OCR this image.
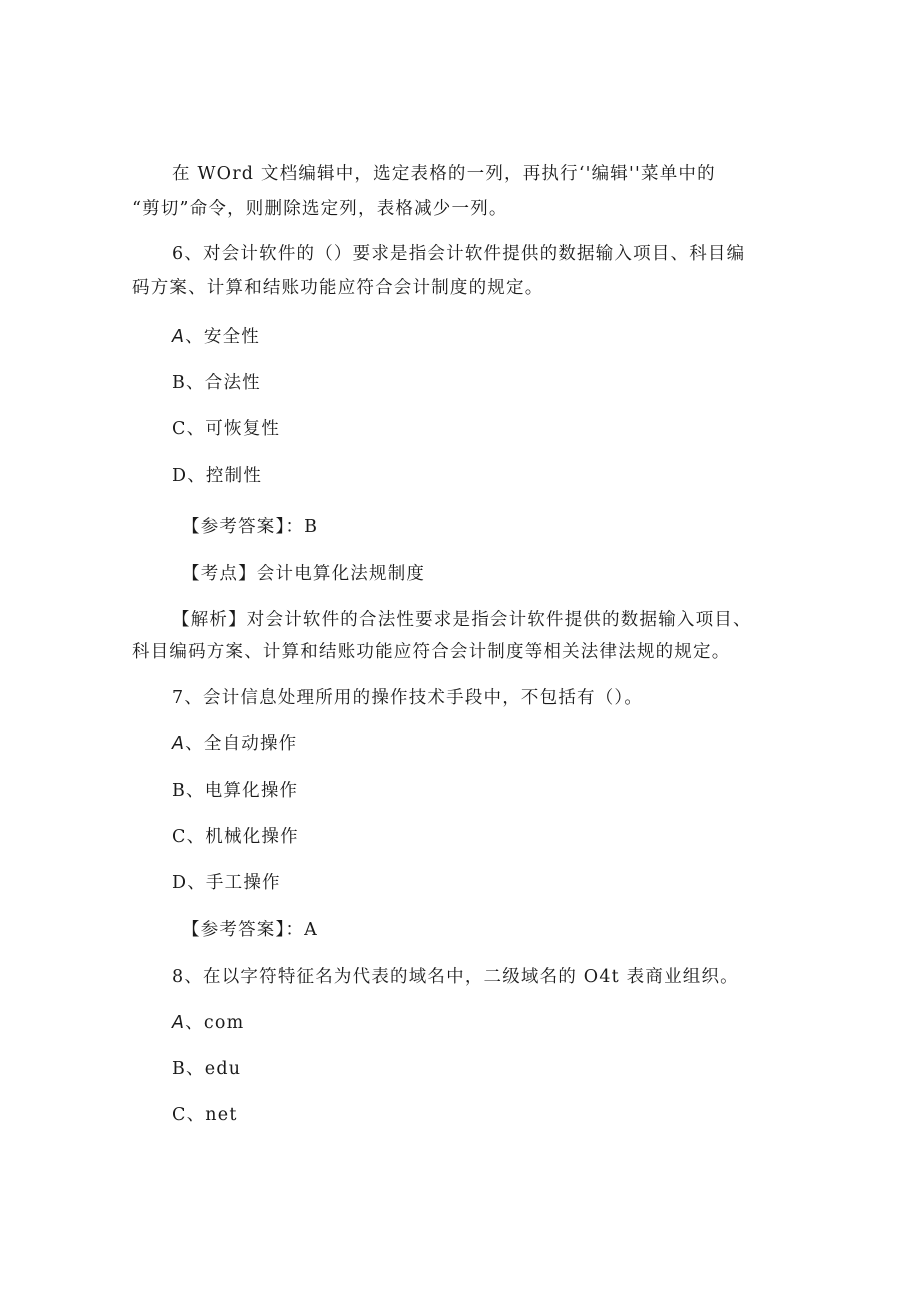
在 WOrd 文档编辑中，选定表格的一列，再执行‘'编辑''菜单中的
“剪切”命令，则删除选定列，表格减少一列。
6、对会计软件的（）要求是指会计软件提供的数据输入项目、科目编
码方案、计算和结账功能应符合会计制度的规定。
A、安全性
B、合法性
C、可恢复性
D、控制性
【参考答案】：B
【考点】会计电算化法规制度
【解析】对会计软件的合法性要求是指会计软件提供的数据输入项目、
科目编码方案、计算和结账功能应符合会计制度等相关法律法规的规定。
7、会计信息处理所用的操作技术手段中，不包括有（）。
A、全自动操作
B、电算化操作
C、机械化操作
D、手工操作
【参考答案】：A
8、在以字符特征名为代表的域名中，二级域名的 O4t 表商业组织。
A、com
B、edu
C、net
